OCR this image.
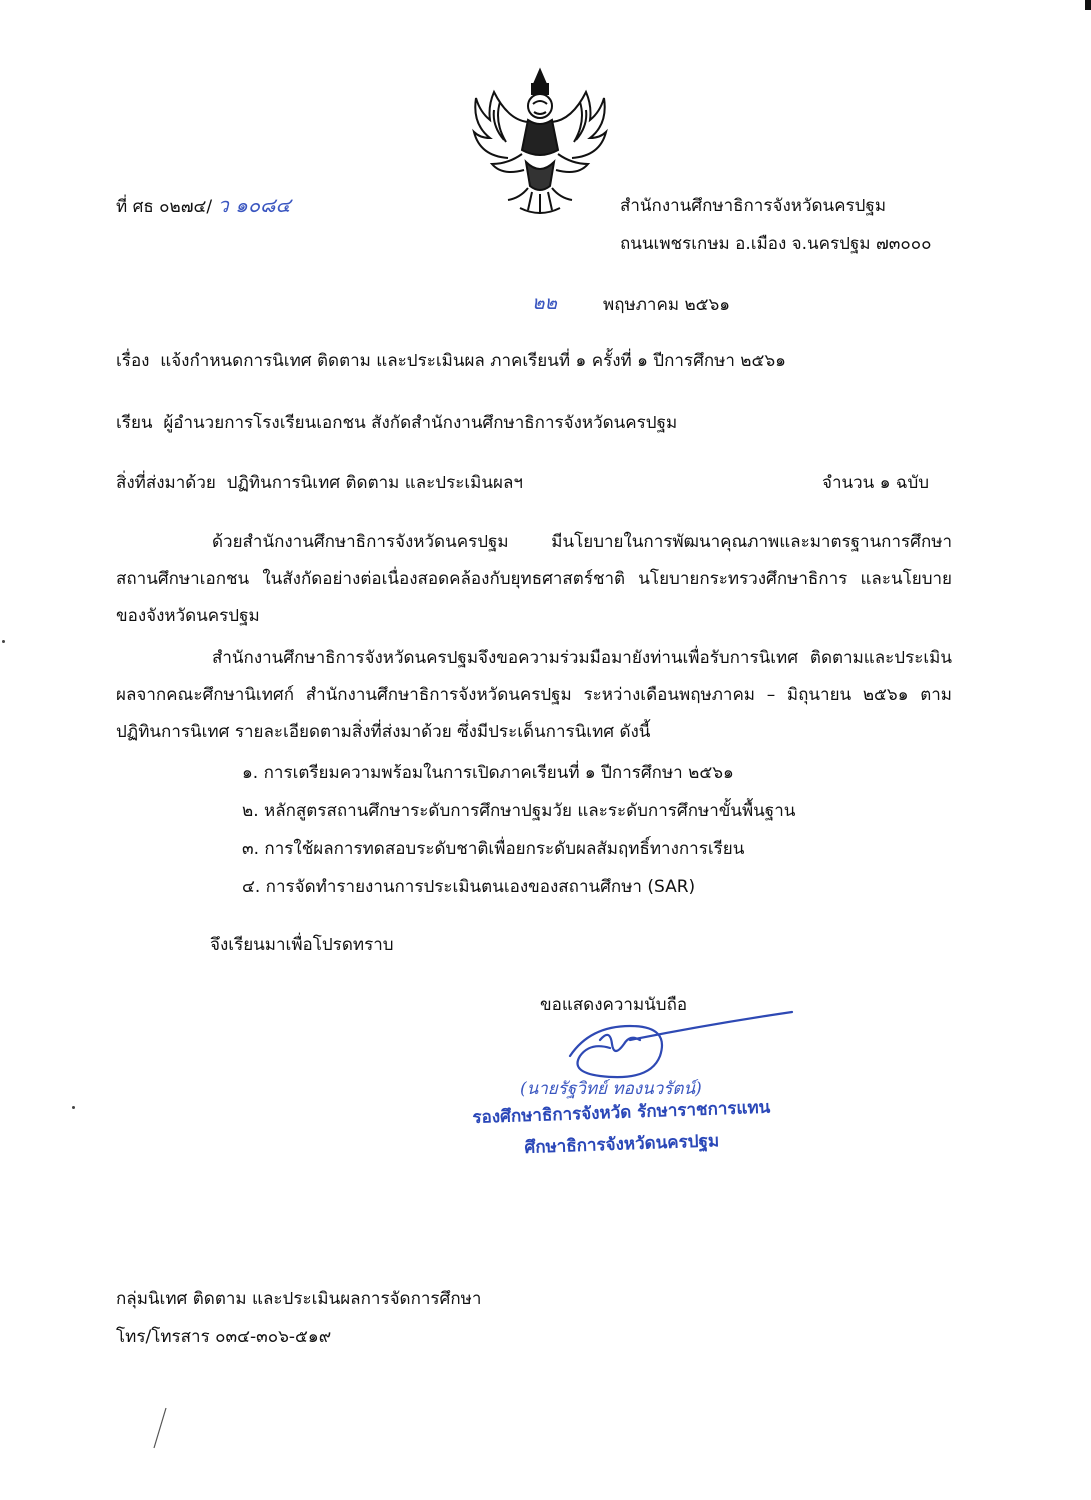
ที่ ศธ ๐๒๗๔/ ว ๑๐๘๔	สำนักงานศึกษาธิการจังหวัดนครปฐม
ถนนเพชรเกษม อ.เมือง จ.นครปฐม ๗๓๐๐๐
๒๒	พฤษภาคม ๒๕๖๑
เรื่อง แจ้งกำหนดการนิเทศ ติดตาม และประเมินผล ภาคเรียนที่ ๑ ครั้งที่ ๑ ปีการศึกษา ๒๕๖๑
เรียน ผู้อำนวยการโรงเรียนเอกชน สังกัดสำนักงานศึกษาธิการจังหวัดนครปฐม
สิ่งที่ส่งมาด้วย ปฏิทินการนิเทศ ติดตาม และประเมินผลฯ	จำนวน ๑ ฉบับ
ด้วยสำนักงานศึกษาธิการจังหวัดนครปฐม มีนโยบายในการพัฒนาคุณภาพและมาตรฐานการศึกษาสถานศึกษาเอกชน ในสังกัดอย่างต่อเนื่องสอดคล้องกับยุทธศาสตร์ชาติ นโยบายกระทรวงศึกษาธิการ และนโยบายของจังหวัดนครปฐม
สำนักงานศึกษาธิการจังหวัดนครปฐมจึงขอความร่วมมือมายังท่านเพื่อรับการนิเทศ ติดตามและประเมินผลจากคณะศึกษานิเทศก์ สำนักงานศึกษาธิการจังหวัดนครปฐม ระหว่างเดือนพฤษภาคม – มิถุนายน ๒๕๖๑ ตามปฏิทินการนิเทศ รายละเอียดตามสิ่งที่ส่งมาด้วย ซึ่งมีประเด็นการนิเทศ ดังนี้
๑. การเตรียมความพร้อมในการเปิดภาคเรียนที่ ๑ ปีการศึกษา ๒๕๖๑
๒. หลักสูตรสถานศึกษาระดับการศึกษาปฐมวัย และระดับการศึกษาขั้นพื้นฐาน
๓. การใช้ผลการทดสอบระดับชาติเพื่อยกระดับผลสัมฤทธิ์ทางการเรียน
๔. การจัดทำรายงานการประเมินตนเองของสถานศึกษา (SAR)
จึงเรียนมาเพื่อโปรดทราบ
ขอแสดงความนับถือ
(นายรัฐวิทย์ ทองนวรัตน์)
รองศึกษาธิการจังหวัด รักษาราชการแทน
ศึกษาธิการจังหวัดนครปฐม
กลุ่มนิเทศ ติดตาม และประเมินผลการจัดการศึกษา
โทร/โทรสาร ๐๓๔-๓๐๖-๕๑๙
